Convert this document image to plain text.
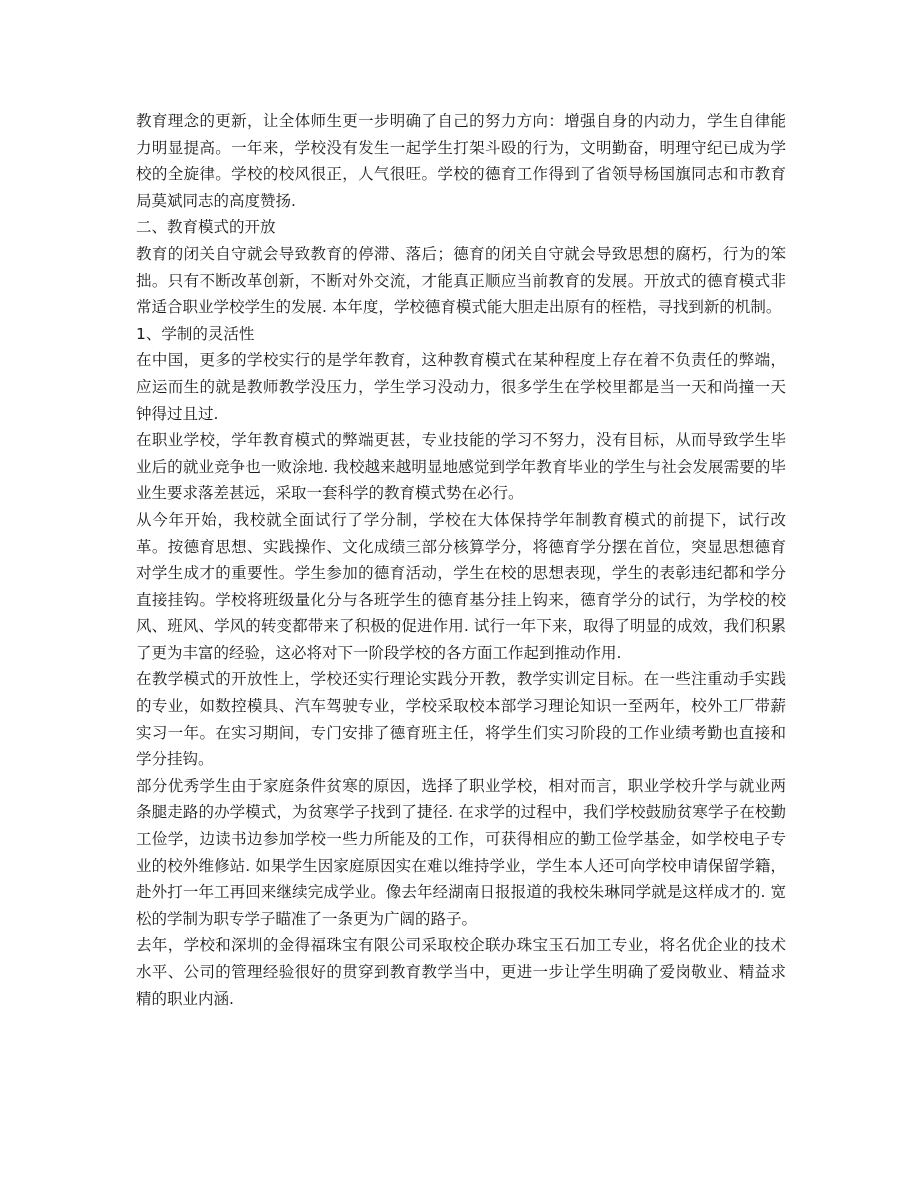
教育理念的更新，让全体师生更一步明确了自己的努力方向：增强自身的内动力，学生自律能力明显提高。一年来，学校没有发生一起学生打架斗殴的行为，文明勤奋，明理守纪已成为学校的全旋律。学校的校风很正，人气很旺。学校的德育工作得到了省领导杨国旗同志和市教育局莫斌同志的高度赞扬.

二、教育模式的开放

教育的闭关自守就会导致教育的停滞、落后；德育的闭关自守就会导致思想的腐朽，行为的笨拙。只有不断改革创新，不断对外交流，才能真正顺应当前教育的发展。开放式的德育模式非常适合职业学校学生的发展. 本年度，学校德育模式能大胆走出原有的桎梏，寻找到新的机制。

1、学制的灵活性

在中国，更多的学校实行的是学年教育，这种教育模式在某种程度上存在着不负责任的弊端，应运而生的就是教师教学没压力，学生学习没动力，很多学生在学校里都是当一天和尚撞一天钟得过且过.

在职业学校，学年教育模式的弊端更甚，专业技能的学习不努力，没有目标，从而导致学生毕业后的就业竞争也一败涂地. 我校越来越明显地感觉到学年教育毕业的学生与社会发展需要的毕业生要求落差甚远，采取一套科学的教育模式势在必行。

从今年开始，我校就全面试行了学分制，学校在大体保持学年制教育模式的前提下，试行改革。按德育思想、实践操作、文化成绩三部分核算学分，将德育学分摆在首位，突显思想德育对学生成才的重要性。学生参加的德育活动，学生在校的思想表现，学生的表彰违纪都和学分直接挂钩。学校将班级量化分与各班学生的德育基分挂上钩来，德育学分的试行，为学校的校风、班风、学风的转变都带来了积极的促进作用. 试行一年下来，取得了明显的成效，我们积累了更为丰富的经验，这必将对下一阶段学校的各方面工作起到推动作用.

在教学模式的开放性上，学校还实行理论实践分开教，教学实训定目标。在一些注重动手实践的专业，如数控模具、汽车驾驶专业，学校采取校本部学习理论知识一至两年，校外工厂带薪实习一年。在实习期间，专门安排了德育班主任，将学生们实习阶段的工作业绩考勤也直接和学分挂钩。

部分优秀学生由于家庭条件贫寒的原因，选择了职业学校，相对而言，职业学校升学与就业两条腿走路的办学模式，为贫寒学子找到了捷径. 在求学的过程中，我们学校鼓励贫寒学子在校勤工俭学，边读书边参加学校一些力所能及的工作，可获得相应的勤工俭学基金，如学校电子专业的校外维修站. 如果学生因家庭原因实在难以维持学业，学生本人还可向学校申请保留学籍，赴外打一年工再回来继续完成学业。像去年经湖南日报报道的我校朱琳同学就是这样成才的. 宽松的学制为职专学子瞄准了一条更为广阔的路子。

去年，学校和深圳的金得福珠宝有限公司采取校企联办珠宝玉石加工专业，将名优企业的技术水平、公司的管理经验很好的贯穿到教育教学当中，更进一步让学生明确了爱岗敬业、精益求精的职业内涵.
